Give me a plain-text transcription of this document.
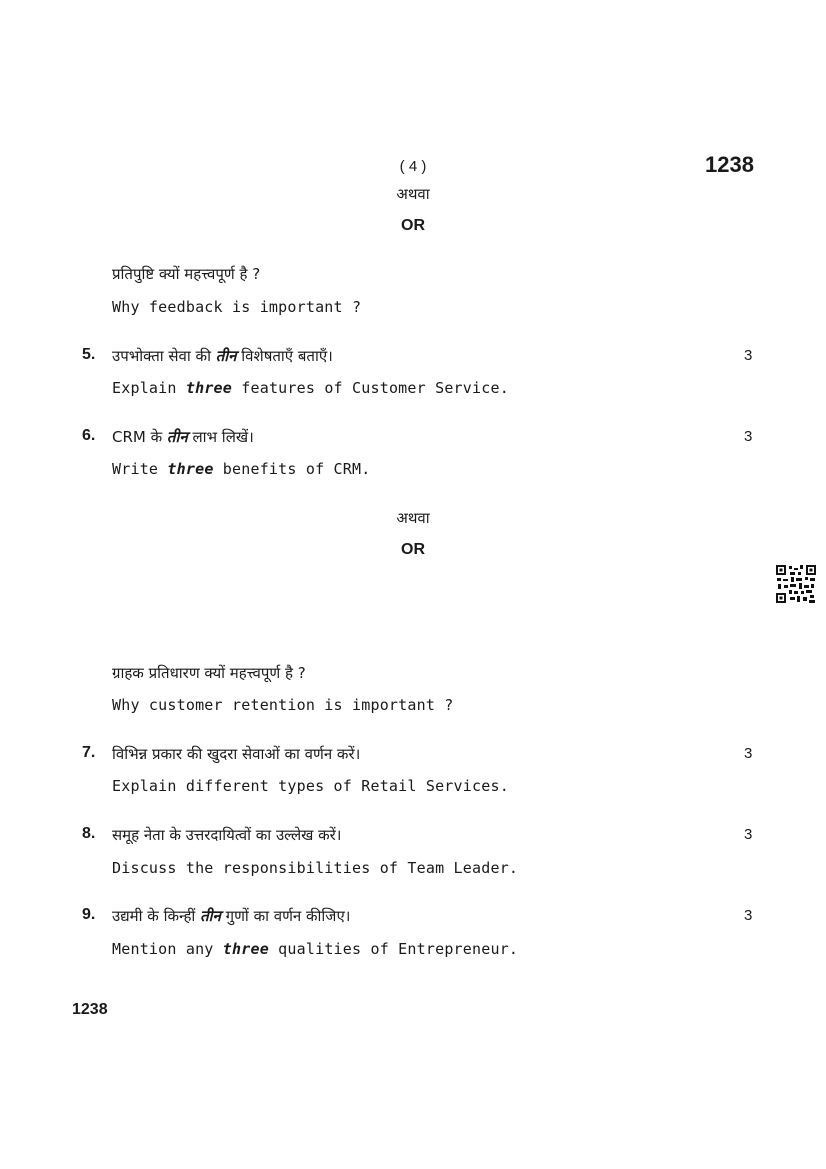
( 4 )	1238
अथवा
OR
प्रतिपुष्टि क्यों महत्त्वपूर्ण है ?
Why feedback is important ?
5. उपभोक्ता सेवा की तीन विशेषताएँ बताएँ।	3
Explain three features of Customer Service.
6. CRM के तीन लाभ लिखें।	3
Write three benefits of CRM.
अथवा
OR
ग्राहक प्रतिधारण क्यों महत्त्वपूर्ण है ?
Why customer retention is important ?
7. विभिन्न प्रकार की खुदरा सेवाओं का वर्णन करें।	3
Explain different types of Retail Services.
8. समूह नेता के उत्तरदायित्वों का उल्लेख करें।	3
Discuss the responsibilities of Team Leader.
9. उद्यमी के किन्हीं तीन गुणों का वर्णन कीजिए।	3
Mention any three qualities of Entrepreneur.
1238
